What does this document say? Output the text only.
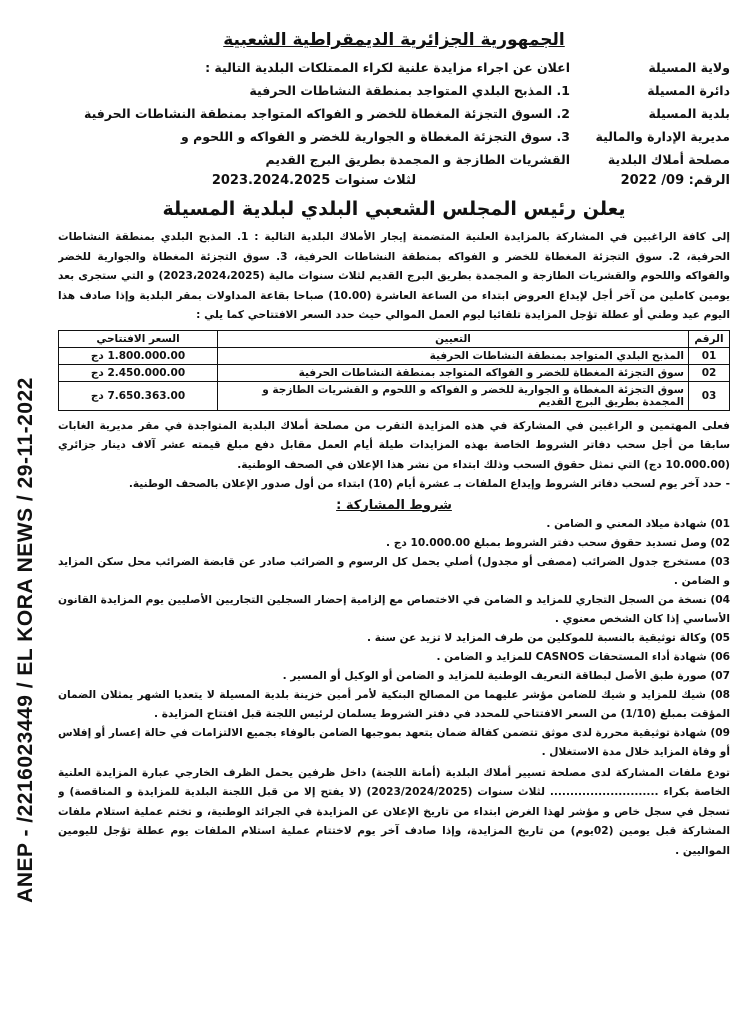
ANEP - /2216023449 / EL KORA NEWS / 29-11-2022
الجمهورية الجزائرية الديمقراطية الشعبية
ولاية المسيلة
دائرة المسيلة
بلدية المسيلة
مديرية الإدارة والمالية
مصلحة أملاك البلدية
اعلان عن اجراء مزايدة علنية لكراء الممتلكات البلدية التالية :
1. المذبح البلدي المتواجد بمنطقة النشاطات الحرفية
2. السوق التجزئة المغطاة للخضر و الفواكه المتواجد بمنطقة النشاطات الحرفية
3. سوق التجزئة المغطاة و الجوارية للخضر و الفواكه و اللحوم و
القشريات الطازجة و المجمدة بطريق البرج القديم
الرقم: 09/ 2022
لثلاث سنوات 2023.2024.2025
يعلن رئيس المجلس الشعبي البلدي لبلدية المسيلة

إلى كافة الراغبين في المشاركة بالمزايدة العلنية المتضمنة إيجار الأملاك البلدية التالية : 1. المذبح البلدي بمنطقة النشاطات الحرفية، 2. سوق التجزئة المغطاة للخضر و الفواكه بمنطقة النشاطات الحرفية، 3. سوق التجزئة المغطاة والجوارية للخضر والفواكه واللحوم والقشريات الطازجة و المجمدة بطريق البرج القديم لثلاث سنوات مالية (2023،2024،2025) و التي ستجرى بعد يومين كاملين من آخر أجل لإيداع العروض ابتداء من الساعة العاشرة (10.00) صباحا بقاعة المداولات بمقر البلدية وإذا صادف هذا اليوم عيد وطني أو عطلة تؤجل المزايدة تلقائيا ليوم العمل الموالي حيث حدد السعر الافتتاحي كما يلي :

الرقم	التعيين	السعر الافتتاحي
01	المذبح البلدي المتواجد بمنطقة النشاطات الحرفية	1.800.000.00 دج
02	سوق التجزئة المغطاة للخضر و الفواكه المتواجد بمنطقة النشاطات الحرفية	2.450.000.00 دج
03	سوق التجزئة المغطاة و الجوارية للخضر و الفواكه و اللحوم و القشريات الطازجة و المجمدة بطريق البرج القديم	7.650.363.00 دج

فعلى المهتمين و الراغبين في المشاركة في هذه المزايدة التقرب من مصلحة أملاك البلدية المتواجدة في مقر مديرية الغابات سابقا من أجل سحب دفاتر الشروط الخاصة بهذه المزايدات طيلة أيام العمل مقابل دفع مبلغ قيمته عشر آلاف دينار جزائري (10.000.00 دج) التي تمثل حقوق السحب وذلك ابتداء من نشر هذا الإعلان في الصحف الوطنية.

- حدد آخر يوم لسحب دفاتر الشروط وإيداع الملفات بـ عشرة أيام (10) ابتداء من أول صدور الإعلان بالصحف الوطنية.

شروط المشاركة :
01) شهادة ميلاد المعني و الضامن .
02) وصل تسديد حقوق سحب دفتر الشروط بمبلغ 10.000.00 دج .
03) مستخرج جدول الضرائب (مصفى أو مجدول) أصلي يحمل كل الرسوم و الضرائب صادر عن قابضة الضرائب محل سكن المزايد و الضامن .
04) نسخة من السجل التجاري للمزايد و الضامن في الاختصاص مع إلزامية إحضار السجلين التجاريين الأصليين يوم المزايدة القانون الأساسي إذا كان الشخص معنوي .
05) وكالة توثيقية بالنسبة للموكلين من طرف المزايد لا تزيد عن سنة .
06) شهادة أداء المستحقات CASNOS للمزايد و الضامن .
07) صورة طبق الأصل لبطاقة التعريف الوطنية للمزايد و الضامن أو الوكيل أو المسير .
08) شيك للمزايد و شيك للضامن مؤشر عليهما من المصالح البنكية لأمر أمين خزينة بلدية المسيلة لا يتعديا الشهر يمثلان الضمان المؤقت بمبلغ (1/10) من السعر الافتتاحي للمحدد في دفتر الشروط يسلمان لرئيس اللجنة قبل افتتاح المزايدة .
09) شهادة توثيقية محررة لدى موثق تتضمن كفالة ضمان يتعهد بموجبها الضامن بالوفاء بجميع الالتزامات في حالة إعسار أو إفلاس أو وفاة المزايد خلال مدة الاستغلال .

تودع ملفات المشاركة لدى مصلحة تسيير أملاك البلدية (أمانة اللجنة) داخل ظرفين يحمل الظرف الخارجي عبارة المزايدة العلنية الخاصة بكراء ........................... لثلاث سنوات (2023/2024/2025) (لا يفتح إلا من قبل اللجنة البلدية للمزايدة و المناقصة) و تسجل في سجل خاص و مؤشر لهذا الغرض ابتداء من تاريخ الإعلان عن المزايدة في الجرائد الوطنية، و تختم عملية استلام ملفات المشاركة قبل يومين (02يوم) من تاريخ المزايدة، وإذا صادف آخر يوم لاختتام عملية استلام الملفات يوم عطلة تؤجل لليومين المواليين .
